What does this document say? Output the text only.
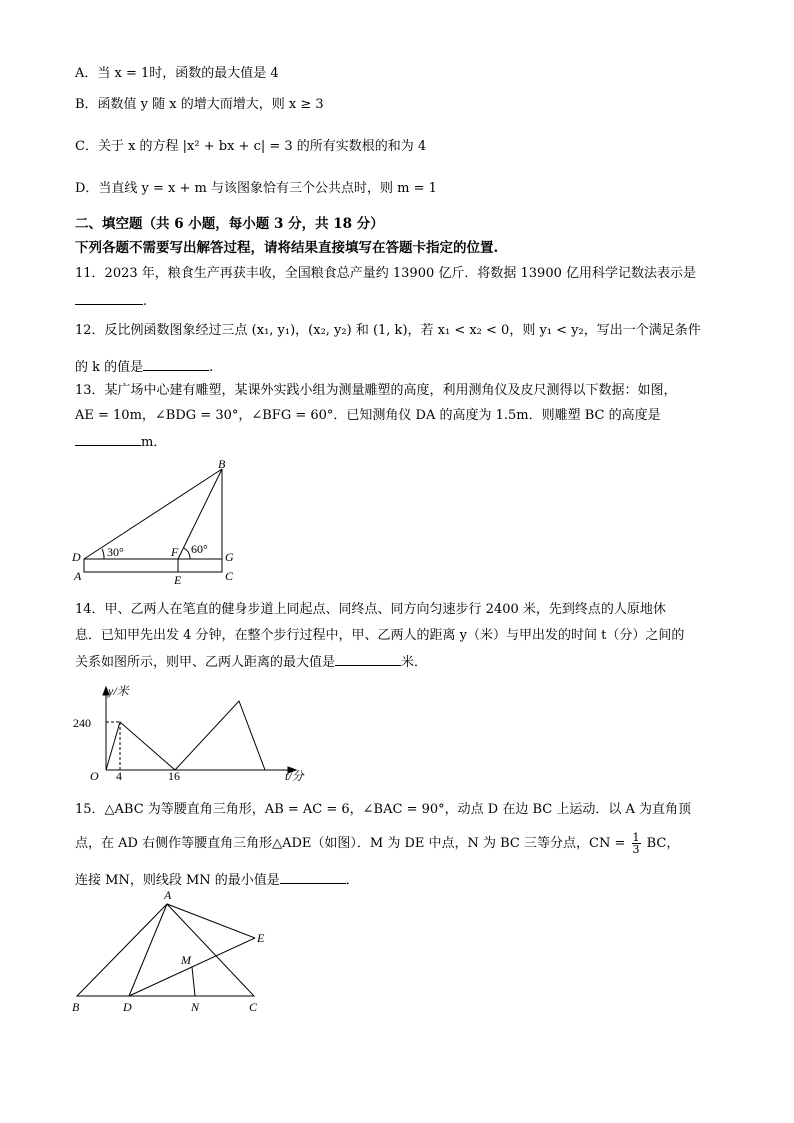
A．当 x = 1时，函数的最大值是 4
B．函数值 y 随 x 的增大而增大，则 x ≥ 3
C．关于 x 的方程 |x² + bx + c| = 3 的所有实数根的和为 4
D．当直线 y = x + m 与该图象恰有三个公共点时，则 m = 1
二、填空题（共 6 小题，每小题 3 分，共 18 分）
下列各题不需要写出解答过程，请将结果直接填写在答题卡指定的位置.
11．2023 年，粮食生产再获丰收，全国粮食总产量约 13900 亿斤．将数据 13900 亿用科学记数法表示是
.
12．反比例函数图象经过三点 (x₁, y₁)，(x₂, y₂) 和 (1, k)，若 x₁ < x₂ < 0，则 y₁ < y₂，写出一个满足条件
的 k 的值是	.
13．某广场中心建有雕塑，某课外实践小组为测量雕塑的高度，利用测角仪及皮尺测得以下数据：如图，
AE = 10m，∠BDG = 30°，∠BFG = 60°．已知测角仪 DA 的高度为 1.5m．则雕塑 BC 的高度是
m．
B
D	F	G
A	E	C
30°	60°
14．甲、乙两人在笔直的健身步道上同起点、同终点、同方向匀速步行 2400 米，先到终点的人原地休
息．已知甲先出发 4 分钟，在整个步行过程中，甲、乙两人的距离 y（米）与甲出发的时间 t（分）之间的
关系如图所示，则甲、乙两人距离的最大值是	米．
y/米
240
O 4	16	t/分
15．△ABC 为等腰直角三角形，AB = AC = 6，∠BAC = 90°，动点 D 在边 BC 上运动．以 A 为直角顶
点，在 AD 右侧作等腰直角三角形△ADE（如图）．M 为 DE 中点，N 为 BC 三等分点，CN = $\frac{1}{3}$ BC，
连接 MN，则线段 MN 的最小值是	．
A
B	D	N	C
E
M
